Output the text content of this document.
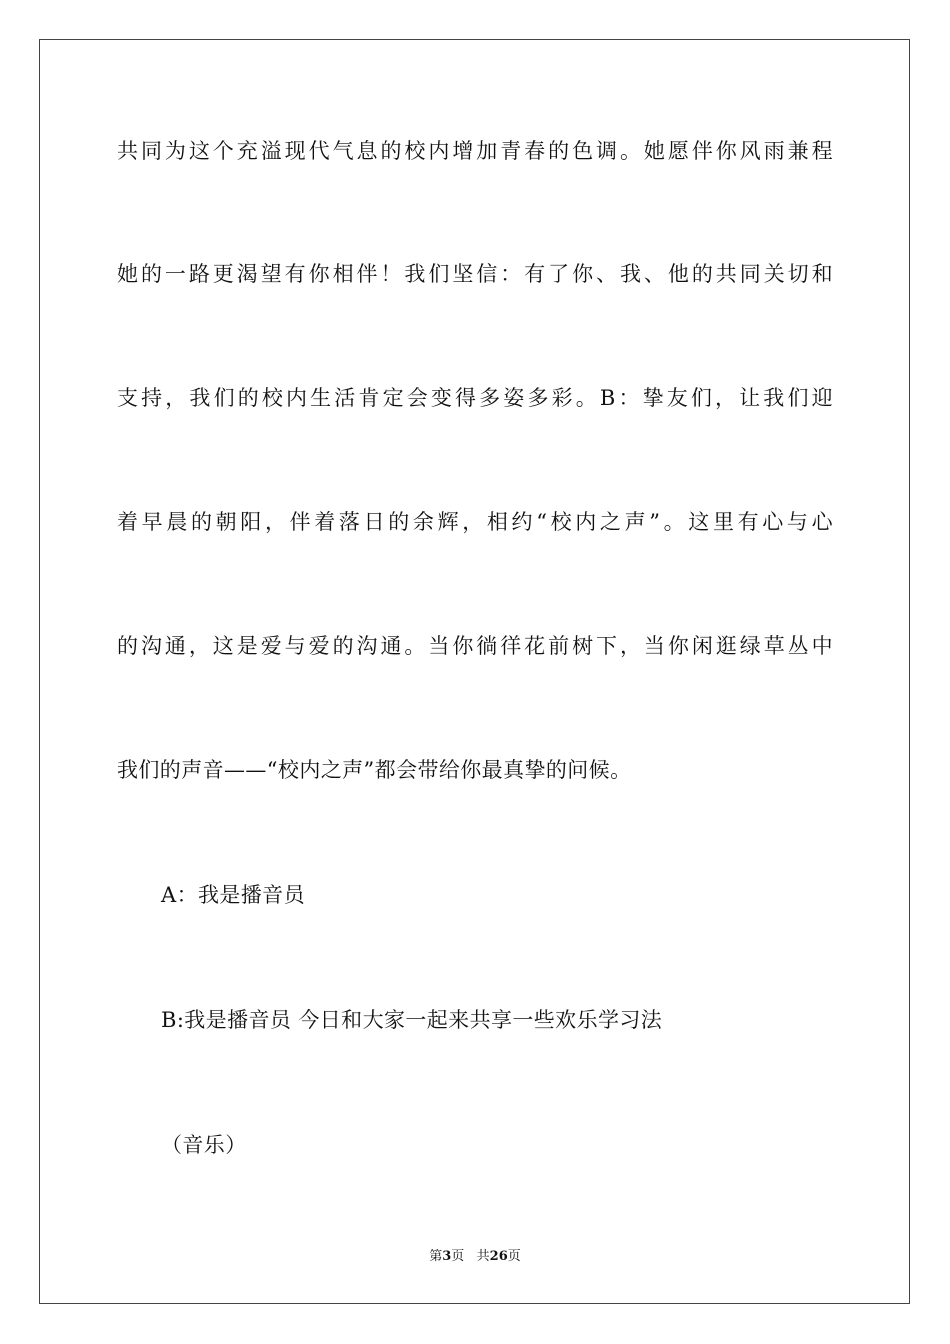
共同为这个充溢现代气息的校内增加青春的色调。她愿伴你风雨兼程
她的一路更渴望有你相伴！我们坚信：有了你、我、他的共同关切和
支持，我们的校内生活肯定会变得多姿多彩。B：挚友们，让我们迎
着早晨的朝阳，伴着落日的余辉，相约“校内之声”。这里有心与心
的沟通，这是爱与爱的沟通。当你徜徉花前树下，当你闲逛绿草丛中
我们的声音——“校内之声”都会带给你最真挚的问候。
A：我是播音员
B:我是播音员 今日和大家一起来共享一些欢乐学习法
（音乐）
第3页   共26页
